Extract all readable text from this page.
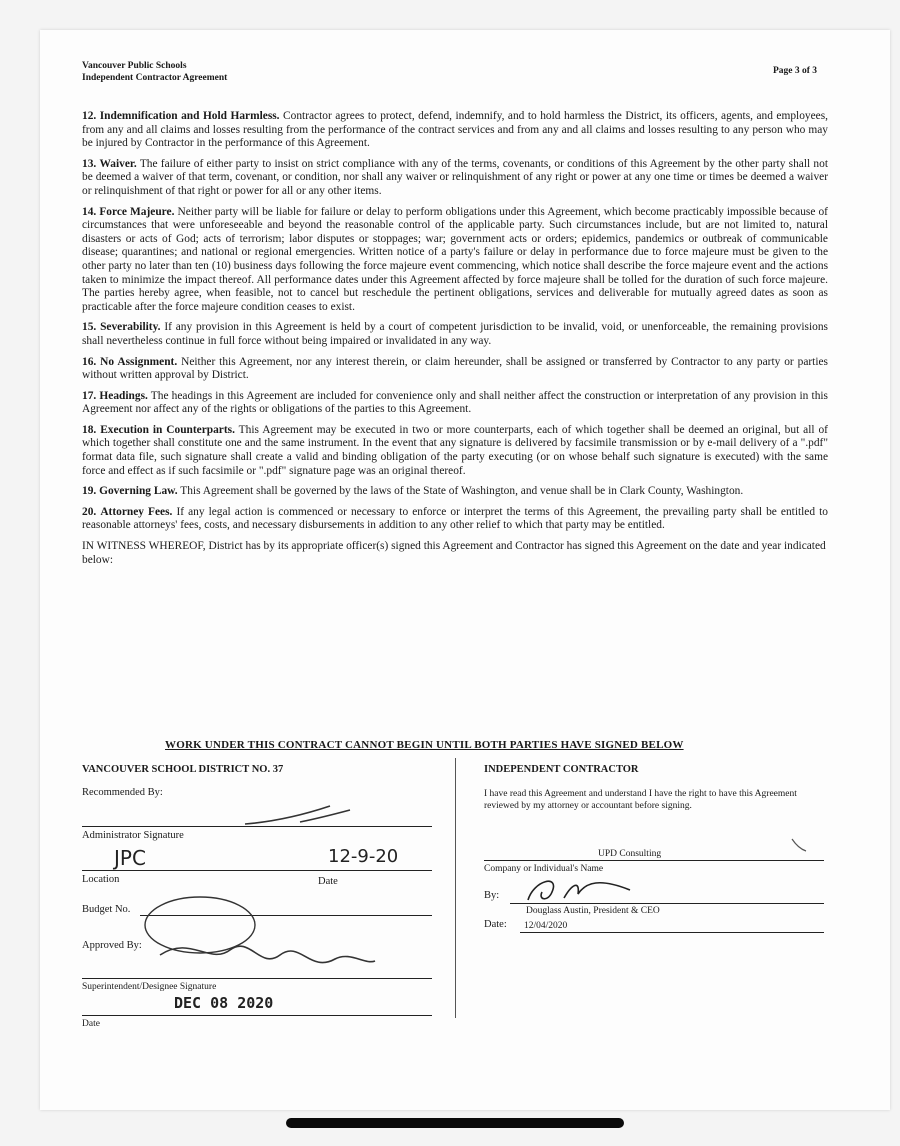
Vancouver Public Schools
Independent Contractor Agreement
Page 3 of 3

12. Indemnification and Hold Harmless. Contractor agrees to protect, defend, indemnify, and to hold harmless the District, its officers, agents, and employees, from any and all claims and losses resulting from the performance of the contract services and from any and all claims and losses resulting to any person who may be injured by Contractor in the performance of this Agreement.

13. Waiver. The failure of either party to insist on strict compliance with any of the terms, covenants, or conditions of this Agreement by the other party shall not be deemed a waiver of that term, covenant, or condition, nor shall any waiver or relinquishment of any right or power at any one time or times be deemed a waiver or relinquishment of that right or power for all or any other items.

14. Force Majeure. Neither party will be liable for failure or delay to perform obligations under this Agreement, which become practicably impossible because of circumstances that were unforeseeable and beyond the reasonable control of the applicable party. Such circumstances include, but are not limited to, natural disasters or acts of God; acts of terrorism; labor disputes or stoppages; war; government acts or orders; epidemics, pandemics or outbreak of communicable disease; quarantines; and national or regional emergencies. Written notice of a party's failure or delay in performance due to force majeure must be given to the other party no later than ten (10) business days following the force majeure event commencing, which notice shall describe the force majeure event and the actions taken to minimize the impact thereof. All performance dates under this Agreement affected by force majeure shall be tolled for the duration of such force majeure. The parties hereby agree, when feasible, not to cancel but reschedule the pertinent obligations, services and deliverable for mutually agreed dates as soon as practicable after the force majeure condition ceases to exist.

15. Severability. If any provision in this Agreement is held by a court of competent jurisdiction to be invalid, void, or unenforceable, the remaining provisions shall nevertheless continue in full force without being impaired or invalidated in any way.

16. No Assignment. Neither this Agreement, nor any interest therein, or claim hereunder, shall be assigned or transferred by Contractor to any party or parties without written approval by District.

17. Headings. The headings in this Agreement are included for convenience only and shall neither affect the construction or interpretation of any provision in this Agreement nor affect any of the rights or obligations of the parties to this Agreement.

18. Execution in Counterparts. This Agreement may be executed in two or more counterparts, each of which together shall be deemed an original, but all of which together shall constitute one and the same instrument. In the event that any signature is delivered by facsimile transmission or by e-mail delivery of a ".pdf" format data file, such signature shall create a valid and binding obligation of the party executing (or on whose behalf such signature is executed) with the same force and effect as if such facsimile or ".pdf" signature page was an original thereof.

19. Governing Law. This Agreement shall be governed by the laws of the State of Washington, and venue shall be in Clark County, Washington.

20. Attorney Fees. If any legal action is commenced or necessary to enforce or interpret the terms of this Agreement, the prevailing party shall be entitled to reasonable attorneys' fees, costs, and necessary disbursements in addition to any other relief to which that party may be entitled.

IN WITNESS WHEREOF, District has by its appropriate officer(s) signed this Agreement and Contractor has signed this Agreement on the date and year indicated below:

WORK UNDER THIS CONTRACT CANNOT BEGIN UNTIL BOTH PARTIES HAVE SIGNED BELOW
VANCOUVER SCHOOL DISTRICT NO. 37
Recommended By:
Administrator Signature
JPC	12-9-20
Location	Date
Budget No.
Approved By:
Superintendent/Designee Signature
DEC 08 2020
Date
INDEPENDENT CONTRACTOR
I have read this Agreement and understand I have the right to have this Agreement reviewed by my attorney or accountant before signing.
UPD Consulting
Company or Individual's Name
By:
Douglass Austin, President & CEO
Date: 12/04/2020
